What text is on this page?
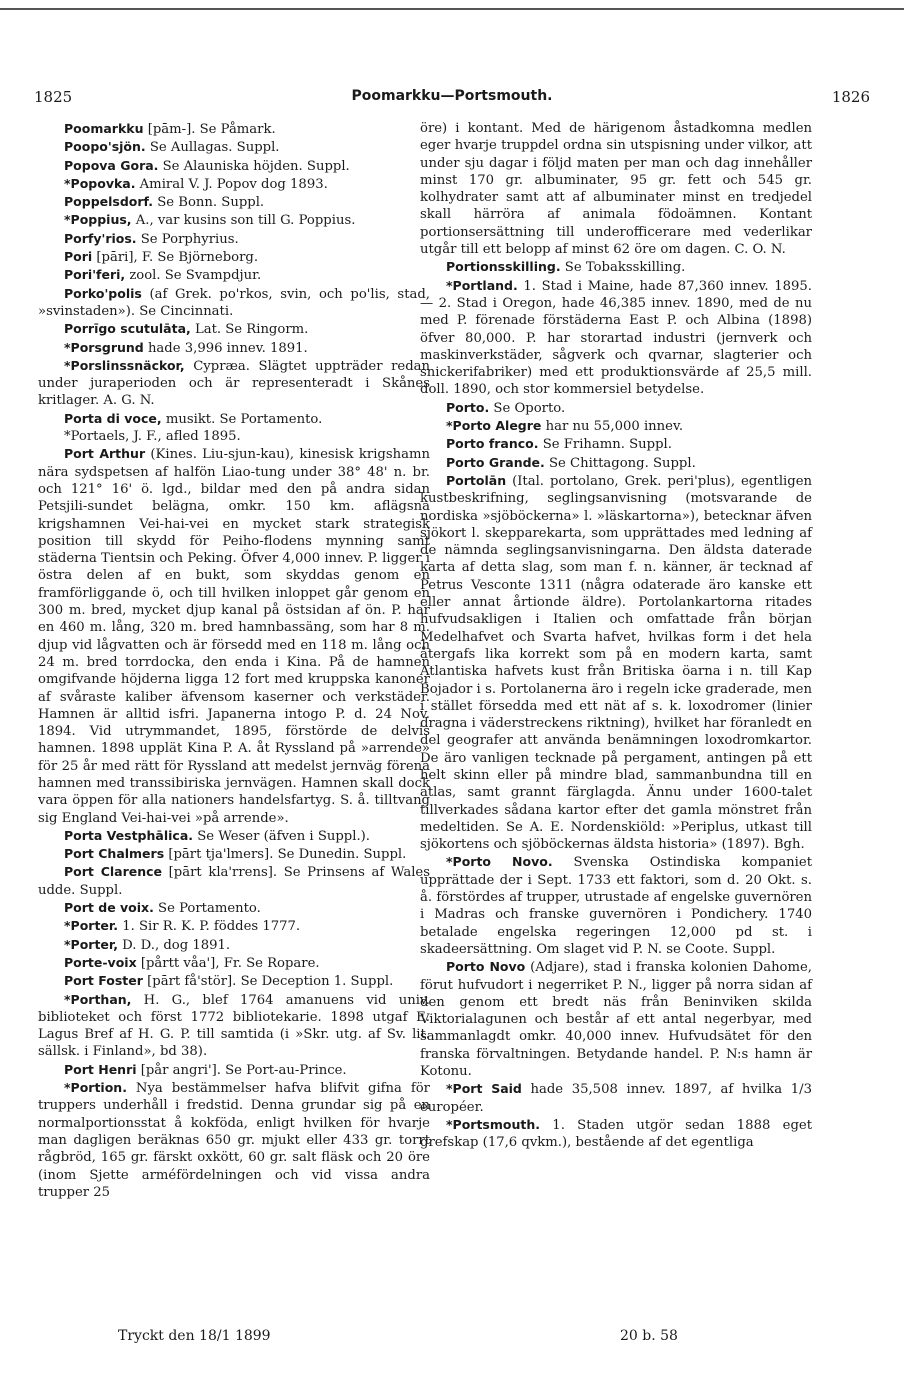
1825	Poomarkku—Portsmouth.	1826

Poomarkku [pām-]. Se Påmark.

Poopo'sjön. Se Aullagas. Suppl.

Popova Gora. Se Alauniska höjden. Suppl.

*Popovka. Amiral V. J. Popov dog 1893.

Poppelsdorf. Se Bonn. Suppl.

*Poppius, A., var kusins son till G. Poppius.

Porfy'rios. Se Porphyrius.

Pori [pāri], F. Se Björneborg.

Pori'feri, zool. Se Svampdjur.

Porko'polis (af Grek. po'rkos, svin, och po'lis, stad, »svinstaden»). Se Cincinnati.

Porrīgo scutulāta, Lat. Se Ringorm.

*Porsgrund hade 3,996 innev. 1891.

*Porslinssnäckor, Cypræa. Slägtet uppträder redan under juraperioden och är representeradt i Skånes kritlager. A. G. N.

Porta di voce, musikt. Se Portamento.

*Portaels, J. F., afled 1895.

Port Arthur (Kines. Liu-sjun-kau), kinesisk krigshamn nära sydspetsen af halfön Liao-tung under 38° 48' n. br. och 121° 16' ö. lgd., bildar med den på andra sidan Petsjili-sundet belägna, omkr. 150 km. aflägsna krigshamnen Vei-hai-vei en mycket stark strategisk position till skydd för Peiho-flodens mynning samt städerna Tientsin och Peking. Öfver 4,000 innev. P. ligger i östra delen af en bukt, som skyddas genom en framförliggande ö, och till hvilken inloppet går genom en 300 m. bred, mycket djup kanal på östsidan af ön. P. har en 460 m. lång, 320 m. bred hamnbassäng, som har 8 m. djup vid lågvatten och är försedd med en 118 m. lång och 24 m. bred torrdocka, den enda i Kina. På de hamnen omgifvande höjderna ligga 12 fort med kruppska kanoner af svåraste kaliber äfvensom kaserner och verkstäder. Hamnen är alltid isfri. Japanerna intogo P. d. 24 Nov. 1894. Vid utrymmandet, 1895, förstörde de delvis hamnen. 1898 upplät Kina P. A. åt Ryssland på »arrende» för 25 år med rätt för Ryssland att medelst jernväg förena hamnen med transsibiriska jernvägen. Hamnen skall dock vara öppen för alla nationers handelsfartyg. S. å. tilltvang sig England Vei-hai-vei »på arrende».

Porta Vestphālica. Se Weser (äfven i Suppl.).

Port Chalmers [pārt tja'lmers]. Se Dunedin. Suppl.

Port Clarence [pārt kla'rrens]. Se Prinsens af Wales udde. Suppl.

Port de voix. Se Portamento.

*Porter. 1. Sir R. K. P. föddes 1777.

*Porter, D. D., dog 1891.

Porte-voix [pårtt våa'], Fr. Se Ropare.

Port Foster [pārt få'stör]. Se Deception 1. Suppl.

*Porthan, H. G., blef 1764 amanuens vid univ. biblioteket och först 1772 bibliotekarie. 1898 utgaf E. Lagus Bref af H. G. P. till samtida (i »Skr. utg. af Sv. lit. sällsk. i Finland», bd 38).

Port Henri [pår angri']. Se Port-au-Prince.

*Portion. Nya bestämmelser hafva blifvit gifna för truppers underhåll i fredstid. Denna grundar sig på en normalportionsstat å kokföda, enligt hvilken för hvarje man dagligen beräknas 650 gr. mjukt eller 433 gr. torrt rågbröd, 165 gr. färskt oxkött, 60 gr. salt fläsk och 20 öre (inom Sjette arméfördelningen och vid vissa andra trupper 25

öre) i kontant. Med de härigenom åstadkomna medlen eger hvarje truppdel ordna sin utspisning under vilkor, att under sju dagar i följd maten per man och dag innehåller minst 170 gr. albuminater, 95 gr. fett och 545 gr. kolhydrater samt att af albuminater minst en tredjedel skall härröra af animala födoämnen. Kontant portionsersättning till underofficerare med vederlikar utgår till ett belopp af minst 62 öre om dagen. C. O. N.

Portionsskilling. Se Tobaksskilling.

*Portland. 1. Stad i Maine, hade 87,360 innev. 1895. — 2. Stad i Oregon, hade 46,385 innev. 1890, med de nu med P. förenade förstäderna East P. och Albina (1898) öfver 80,000. P. har storartad industri (jernverk och maskinverkstäder, sågverk och qvarnar, slagterier och snickerifabriker) med ett produktionsvärde af 25,5 mill. doll. 1890, och stor kommersiel betydelse.

Porto. Se Oporto.

*Porto Alegre har nu 55,000 innev.

Porto franco. Se Frihamn. Suppl.

Porto Grande. Se Chittagong. Suppl.

Portolān (Ital. portolano, Grek. peri'plus), egentligen kustbeskrifning, seglingsanvisning (motsvarande de nordiska »sjöböckerna» l. »läskartorna»), betecknar äfven sjökort l. skepparekarta, som upprättades med ledning af de nämnda seglingsanvisningarna. Den äldsta daterade karta af detta slag, som man f. n. känner, är tecknad af Petrus Vesconte 1311 (några odaterade äro kanske ett eller annat årtionde äldre). Portolankartorna ritades hufvudsakligen i Italien och omfattade från början Medelhafvet och Svarta hafvet, hvilkas form i det hela återgafs lika korrekt som på en modern karta, samt Atlantiska hafvets kust från Britiska öarna i n. till Kap Bojador i s. Portolanerna äro i regeln icke graderade, men i stället försedda med ett nät af s. k. loxodromer (linier dragna i väderstreckens riktning), hvilket har föranledt en del geografer att använda benämningen loxodromkartor. De äro vanligen tecknade på pergament, antingen på ett helt skinn eller på mindre blad, sammanbundna till en atlas, samt grannt färglagda. Ännu under 1600-talet tillverkades sådana kartor efter det gamla mönstret från medeltiden. Se A. E. Nordenskiöld: »Periplus, utkast till sjökortens och sjöböckernas äldsta historia» (1897). Bgh.

*Porto Novo. Svenska Ostindiska kompaniet upprättade der i Sept. 1733 ett faktori, som d. 20 Okt. s. å. förstördes af trupper, utrustade af engelske guvernören i Madras och franske guvernören i Pondichery. 1740 betalade engelska regeringen 12,000 pd st. i skadeersättning. Om slaget vid P. N. se Coote. Suppl.

Porto Novo (Adjare), stad i franska kolonien Dahome, förut hufvudort i negerriket P. N., ligger på norra sidan af den genom ett bredt näs från Beninviken skilda Viktorialagunen och består af ett antal negerbyar, med sammanlagdt omkr. 40,000 innev. Hufvudsätet för den franska förvaltningen. Betydande handel. P. N:s hamn är Kotonu.

*Port Said hade 35,508 innev. 1897, af hvilka 1/3 européer.

*Portsmouth. 1. Staden utgör sedan 1888 eget grefskap (17,6 qvkm.), bestående af det egentliga

Tryckt den 18/1 1899	20 b. 58
